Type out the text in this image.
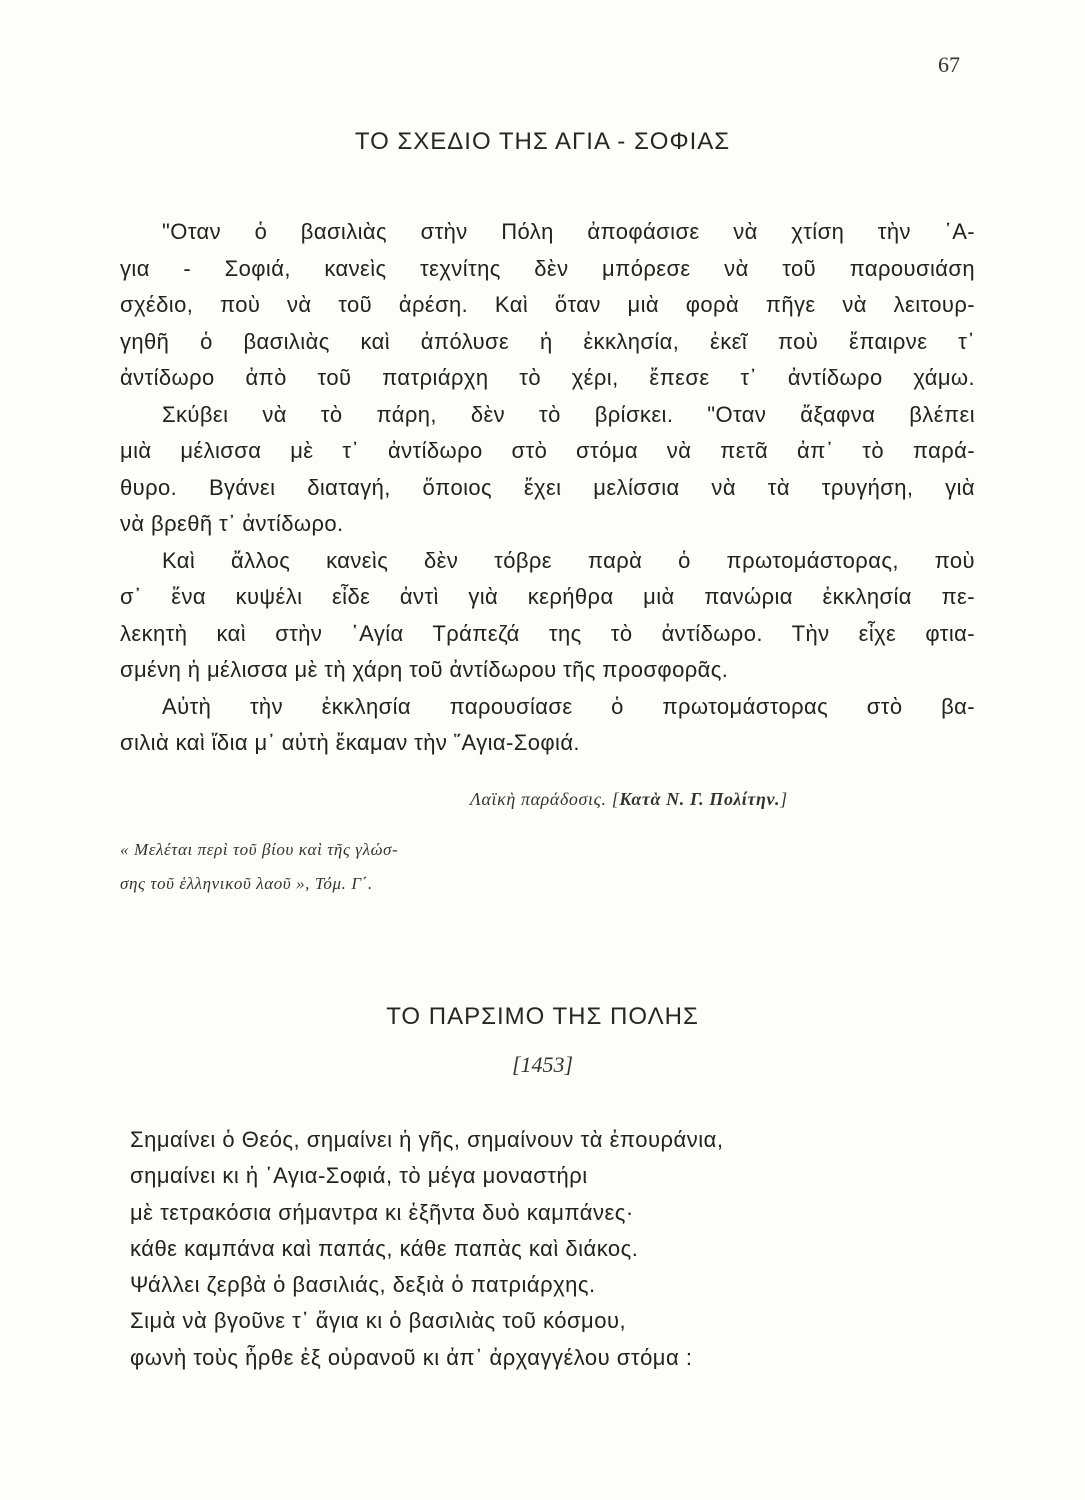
67
ΤΟ ΣΧΕΔΙΟ ΤΗΣ ΑΓΙΑ - ΣΟΦΙΑΣ
"Οταν ὁ βασιλιὰς στὴν Πόλη ἀποφάσισε νὰ χτίση τὴν ῾Α-
για - Σοφιά, κανεὶς τεχνίτης δὲν μπόρεσε νὰ τοῦ παρουσιάση
σχέδιο, ποὺ νὰ τοῦ ἀρέση. Καὶ ὅταν μιὰ φορὰ πῆγε νὰ λειτουρ-
γηθῆ ὁ βασιλιὰς καὶ ἀπόλυσε ἡ ἐκκλησία, ἐκεῖ ποὺ ἔπαιρνε τ᾿
ἀντίδωρο ἀπὸ τοῦ πατριάρχη τὸ χέρι, ἔπεσε τ᾿ ἀντίδωρο χάμω.
Σκύβει νὰ τὸ πάρη, δὲν τὸ βρίσκει. "Οταν ἄξαφνα βλέπει
μιὰ μέλισσα μὲ τ᾿ ἀντίδωρο στὸ στόμα νὰ πετᾶ ἀπ᾿ τὸ παρά-
θυρο. Βγάνει διαταγή, ὅποιος ἔχει μελίσσια νὰ τὰ τρυγήση, γιὰ
νὰ βρεθῆ τ᾿ ἀντίδωρο.
Καὶ ἄλλος κανεὶς δὲν τόβρε παρὰ ὁ πρωτομάστορας, ποὺ
σ᾿ ἕνα κυψέλι εἶδε ἀντὶ γιὰ κερήθρα μιὰ πανώρια ἐκκλησία πε-
λεκητὴ καὶ στὴν ῾Αγία Τράπεζά της τὸ ἀντίδωρο. Τὴν εἶχε φτια-
σμένη ἡ μέλισσα μὲ τὴ χάρη τοῦ ἀντίδωρου τῆς προσφορᾶς.
Αὐτὴ τὴν ἐκκλησία παρουσίασε ὁ πρωτομάστορας στὸ βα-
σιλιὰ καὶ ἴδια μ᾿ αὐτὴ ἔκαμαν τὴν ῞Αγια-Σοφιά.
Λαϊκὴ παράδοσις. [Κατὰ Ν. Γ. Πολίτην.]
« Μελέται περὶ τοῦ βίου καὶ τῆς γλώσ-
σης τοῦ ἑλληνικοῦ λαοῦ », Τόμ. Γ΄.
ΤΟ ΠΑΡΣΙΜΟ ΤΗΣ ΠΟΛΗΣ
[1453]
Σημαίνει ὁ Θεός, σημαίνει ἡ γῆς, σημαίνουν τὰ ἐπουράνια,
σημαίνει κι ἡ ῾Αγια-Σοφιά, τὸ μέγα μοναστήρι
μὲ τετρακόσια σήμαντρα κι ἑξῆντα δυὸ καμπάνες·
κάθε καμπάνα καὶ παπάς, κάθε παπὰς καὶ διάκος.
Ψάλλει ζερβὰ ὁ βασιλιάς, δεξιὰ ὁ πατριάρχης.
Σιμὰ νὰ βγοῦνε τ᾿ ἅγια κι ὁ βασιλιὰς τοῦ κόσμου,
φωνὴ τοὺς ἦρθε ἐξ οὐρανοῦ κι ἀπ᾿ ἀρχαγγέλου στόμα :
